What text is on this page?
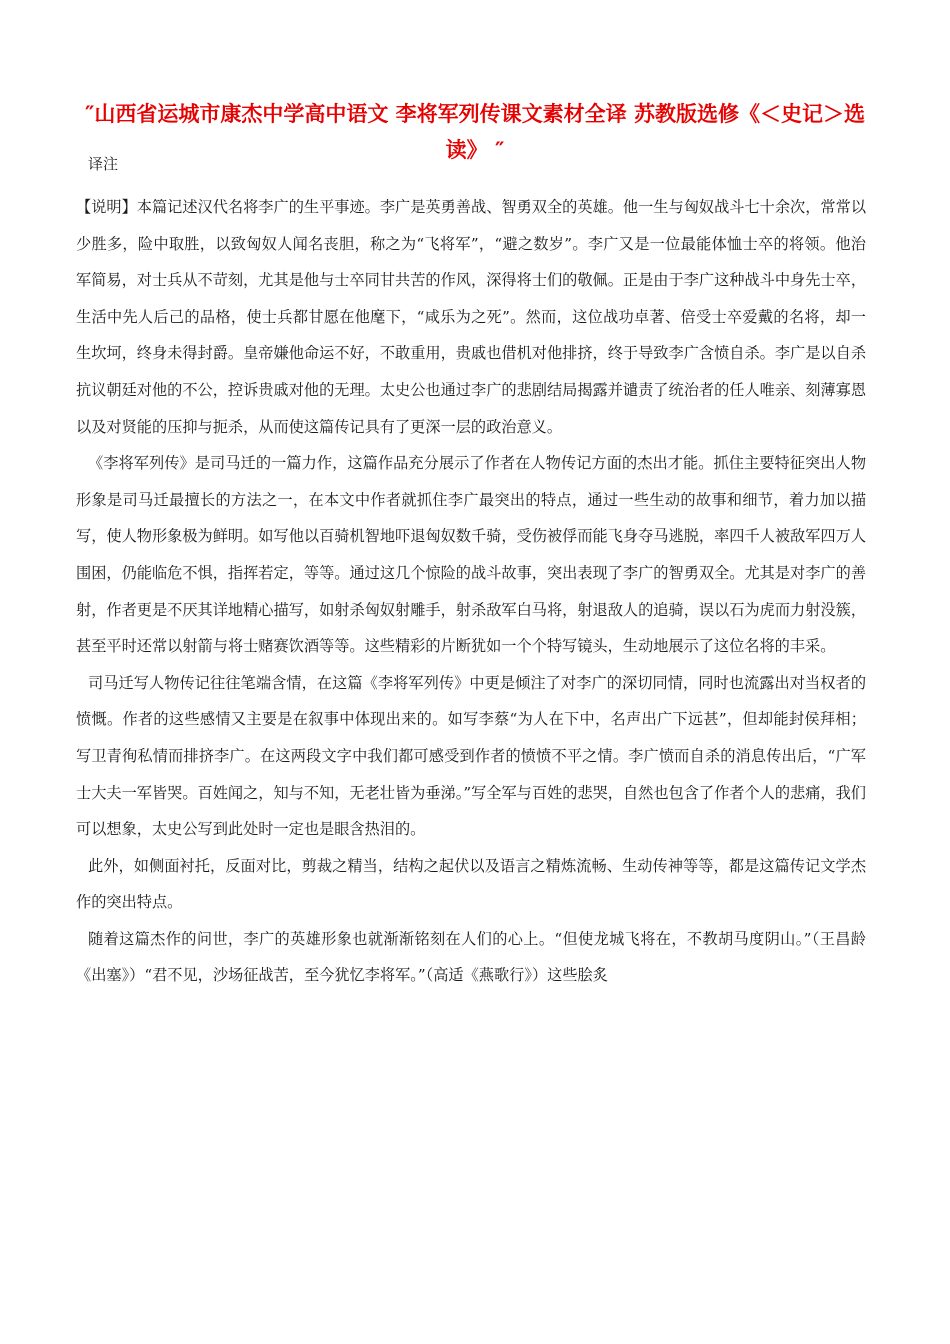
″山西省运城市康杰中学高中语文 李将军列传课文素材全译 苏教版选修《＜史记＞选读》 ″

译注

【说明】本篇记述汉代名将李广的生平事迹。李广是英勇善战、智勇双全的英雄。他一生与匈奴战斗七十余次，常常以少胜多，险中取胜，以致匈奴人闻名丧胆，称之为“飞将军”，“避之数岁”。李广又是一位最能体恤士卒的将领。他治军简易，对士兵从不苛刻，尤其是他与士卒同甘共苦的作风，深得将士们的敬佩。正是由于李广这种战斗中身先士卒，生活中先人后己的品格，使士兵都甘愿在他麾下，“咸乐为之死”。然而，这位战功卓著、倍受士卒爱戴的名将，却一生坎坷，终身未得封爵。皇帝嫌他命运不好，不敢重用，贵戚也借机对他排挤，终于导致李广含愤自杀。李广是以自杀抗议朝廷对他的不公，控诉贵戚对他的无理。太史公也通过李广的悲剧结局揭露并谴责了统治者的任人唯亲、刻薄寡恩以及对贤能的压抑与扼杀，从而使这篇传记具有了更深一层的政治意义。

《李将军列传》是司马迁的一篇力作，这篇作品充分展示了作者在人物传记方面的杰出才能。抓住主要特征突出人物形象是司马迁最擅长的方法之一，在本文中作者就抓住李广最突出的特点，通过一些生动的故事和细节，着力加以描写，使人物形象极为鲜明。如写他以百骑机智地吓退匈奴数千骑，受伤被俘而能飞身夺马逃脱，率四千人被敌军四万人围困，仍能临危不惧，指挥若定，等等。通过这几个惊险的战斗故事，突出表现了李广的智勇双全。尤其是对李广的善射，作者更是不厌其详地精心描写，如射杀匈奴射雕手，射杀敌军白马将，射退敌人的追骑，误以石为虎而力射没簇，甚至平时还常以射箭与将士赌赛饮酒等等。这些精彩的片断犹如一个个特写镜头，生动地展示了这位名将的丰采。

司马迁写人物传记往往笔端含情，在这篇《李将军列传》中更是倾注了对李广的深切同情，同时也流露出对当权者的愤慨。作者的这些感情又主要是在叙事中体现出来的。如写李蔡“为人在下中，名声出广下远甚”，但却能封侯拜相；写卫青徇私情而排挤李广。在这两段文字中我们都可感受到作者的愤愤不平之情。李广愤而自杀的消息传出后，“广军士大夫一军皆哭。百姓闻之，知与不知，无老壮皆为垂涕。”写全军与百姓的悲哭，自然也包含了作者个人的悲痛，我们可以想象，太史公写到此处时一定也是眼含热泪的。

此外，如侧面衬托，反面对比，剪裁之精当，结构之起伏以及语言之精炼流畅、生动传神等等，都是这篇传记文学杰作的突出特点。

随着这篇杰作的问世，李广的英雄形象也就渐渐铭刻在人们的心上。“但使龙城飞将在，不教胡马度阴山。”（王昌龄《出塞》）“君不见，沙场征战苦，至今犹忆李将军。”（高适《燕歌行》）这些脍炙
